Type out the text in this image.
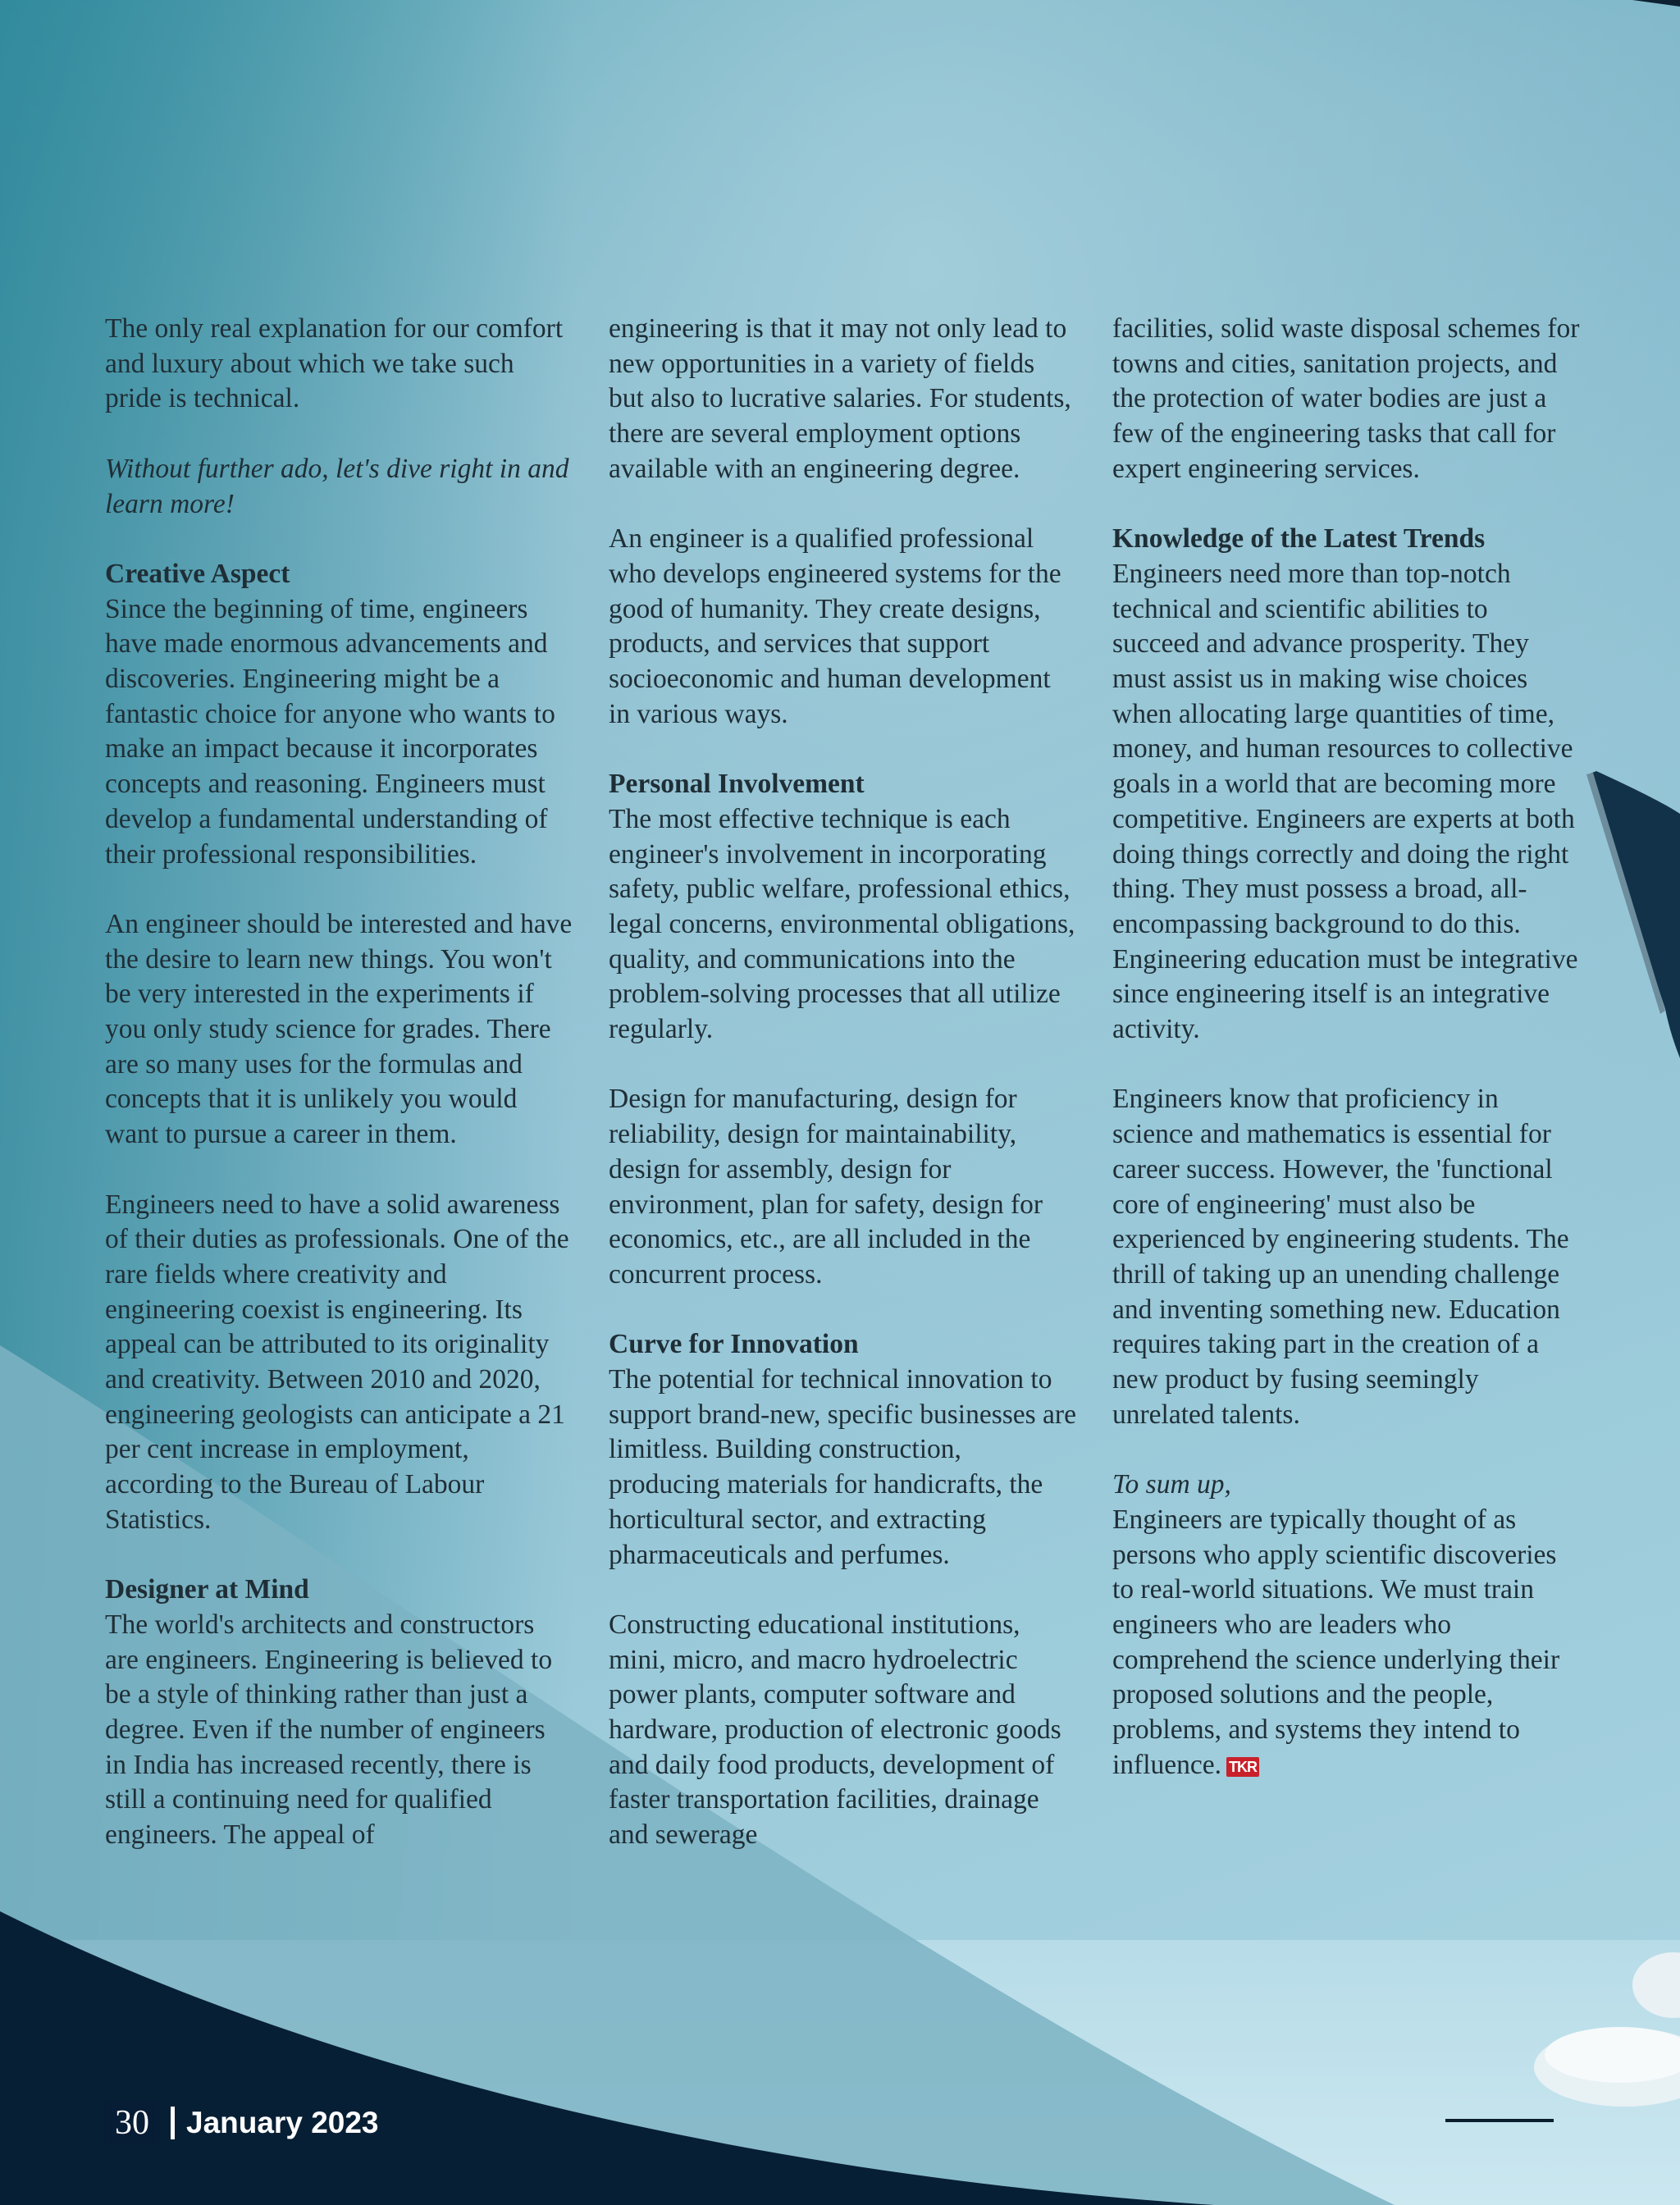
The only real explanation for our comfort and luxury about which we take such pride is technical.

Without further ado, let's dive right in and learn more!

Creative Aspect
Since the beginning of time, engineers have made enormous advancements and discoveries. Engineering might be a fantastic choice for anyone who wants to make an impact because it incorporates concepts and reasoning. Engineers must develop a fundamental understanding of their professional responsibilities.

An engineer should be interested and have the desire to learn new things. You won't be very interested in the experiments if you only study science for grades. There are so many uses for the formulas and concepts that it is unlikely you would want to pursue a career in them.

Engineers need to have a solid awareness of their duties as professionals. One of the rare fields where creativity and engineering coexist is engineering. Its appeal can be attributed to its originality and creativity. Between 2010 and 2020, engineering geologists can anticipate a 21 per cent increase in employment, according to the Bureau of Labour Statistics.

Designer at Mind
The world's architects and constructors are engineers. Engineering is believed to be a style of thinking rather than just a degree. Even if the number of engineers in India has increased recently, there is still a continuing need for qualified engineers. The appeal of

engineering is that it may not only lead to new opportunities in a variety of fields but also to lucrative salaries. For students, there are several employment options available with an engineering degree.

An engineer is a qualified professional who develops engineered systems for the good of humanity. They create designs, products, and services that support socioeconomic and human development in various ways.

Personal Involvement
The most effective technique is each engineer's involvement in incorporating safety, public welfare, professional ethics, legal concerns, environmental obligations, quality, and communications into the problem-solving processes that all utilize regularly.

Design for manufacturing, design for reliability, design for maintainability, design for assembly, design for environment, plan for safety, design for economics, etc., are all included in the concurrent process.

Curve for Innovation
The potential for technical innovation to support brand-new, specific businesses are limitless. Building construction, producing materials for handicrafts, the horticultural sector, and extracting pharmaceuticals and perfumes.

Constructing educational institutions, mini, micro, and macro hydroelectric power plants, computer software and hardware, production of electronic goods and daily food products, development of faster transportation facilities, drainage and sewerage

facilities, solid waste disposal schemes for towns and cities, sanitation projects, and the protection of water bodies are just a few of the engineering tasks that call for expert engineering services.

Knowledge of the Latest Trends
Engineers need more than top-notch technical and scientific abilities to succeed and advance prosperity. They must assist us in making wise choices when allocating large quantities of time, money, and human resources to collective goals in a world that are becoming more competitive. Engineers are experts at both doing things correctly and doing the right thing. They must possess a broad, all-encompassing background to do this. Engineering education must be integrative since engineering itself is an integrative activity.

Engineers know that proficiency in science and mathematics is essential for career success. However, the 'functional core of engineering' must also be experienced by engineering students. The thrill of taking up an unending challenge and inventing something new. Education requires taking part in the creation of a new product by fusing seemingly unrelated talents.

To sum up,
Engineers are typically thought of as persons who apply scientific discoveries to real-world situations. We must train engineers who are leaders who comprehend the science underlying their proposed solutions and the people, problems, and systems they intend to influence. TKR

30	January 2023
